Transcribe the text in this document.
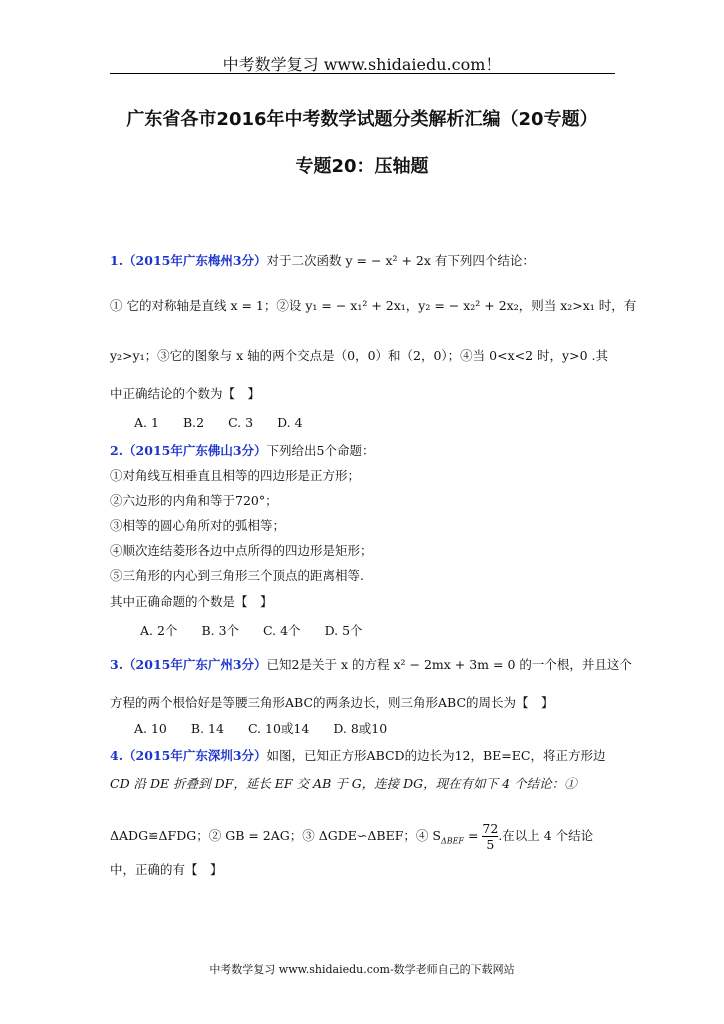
中考数学复习 www.shidaiedu.com！
广东省各市2016年中考数学试题分类解析汇编（20专题）
专题20：压轴题
1.（2015年广东梅州3分）对于二次函数 y = − x² + 2x 有下列四个结论：
① 它的对称轴是直线 x = 1；②设 y₁ = − x₁² + 2x₁，y₂ = − x₂² + 2x₂，则当 x₂>x₁ 时，有
y₂>y₁；③它的图象与 x 轴的两个交点是（0，0）和（2，0）；④当 0<x<2 时，y>0 .其
中正确结论的个数为【　】
A. 1 B.2 C. 3 D. 4
2.（2015年广东佛山3分）下列给出5个命题：
①对角线互相垂直且相等的四边形是正方形；
②六边形的内角和等于720°；
③相等的圆心角所对的弧相等；
④顺次连结菱形各边中点所得的四边形是矩形；
⑤三角形的内心到三角形三个顶点的距离相等.
其中正确命题的个数是【　】
A. 2个 B. 3个 C. 4个 D. 5个
3.（2015年广东广州3分）已知2是关于 x 的方程 x² − 2mx + 3m = 0 的一个根，并且这个
方程的两个根恰好是等腰三角形ABC的两条边长，则三角形ABC的周长为【　】
A. 10 B. 14 C. 10或14 D. 8或10
4.（2015年广东深圳3分）如图，已知正方形ABCD的边长为12，BE=EC，将正方形边
CD 沿 DE 折叠到 DF，延长 EF 交 AB 于 G，连接 DG，现在有如下 4 个结论：①
ΔADG≌ΔFDG；② GB = 2AG；③ ΔGDE∽ΔBEF；④ $S_{\Delta BEF} = \frac{72}{5}$ .在以上 4 个结论
中，正确的有【　】
中考数学复习 www.shidaiedu.com-数学老师自己的下载网站
